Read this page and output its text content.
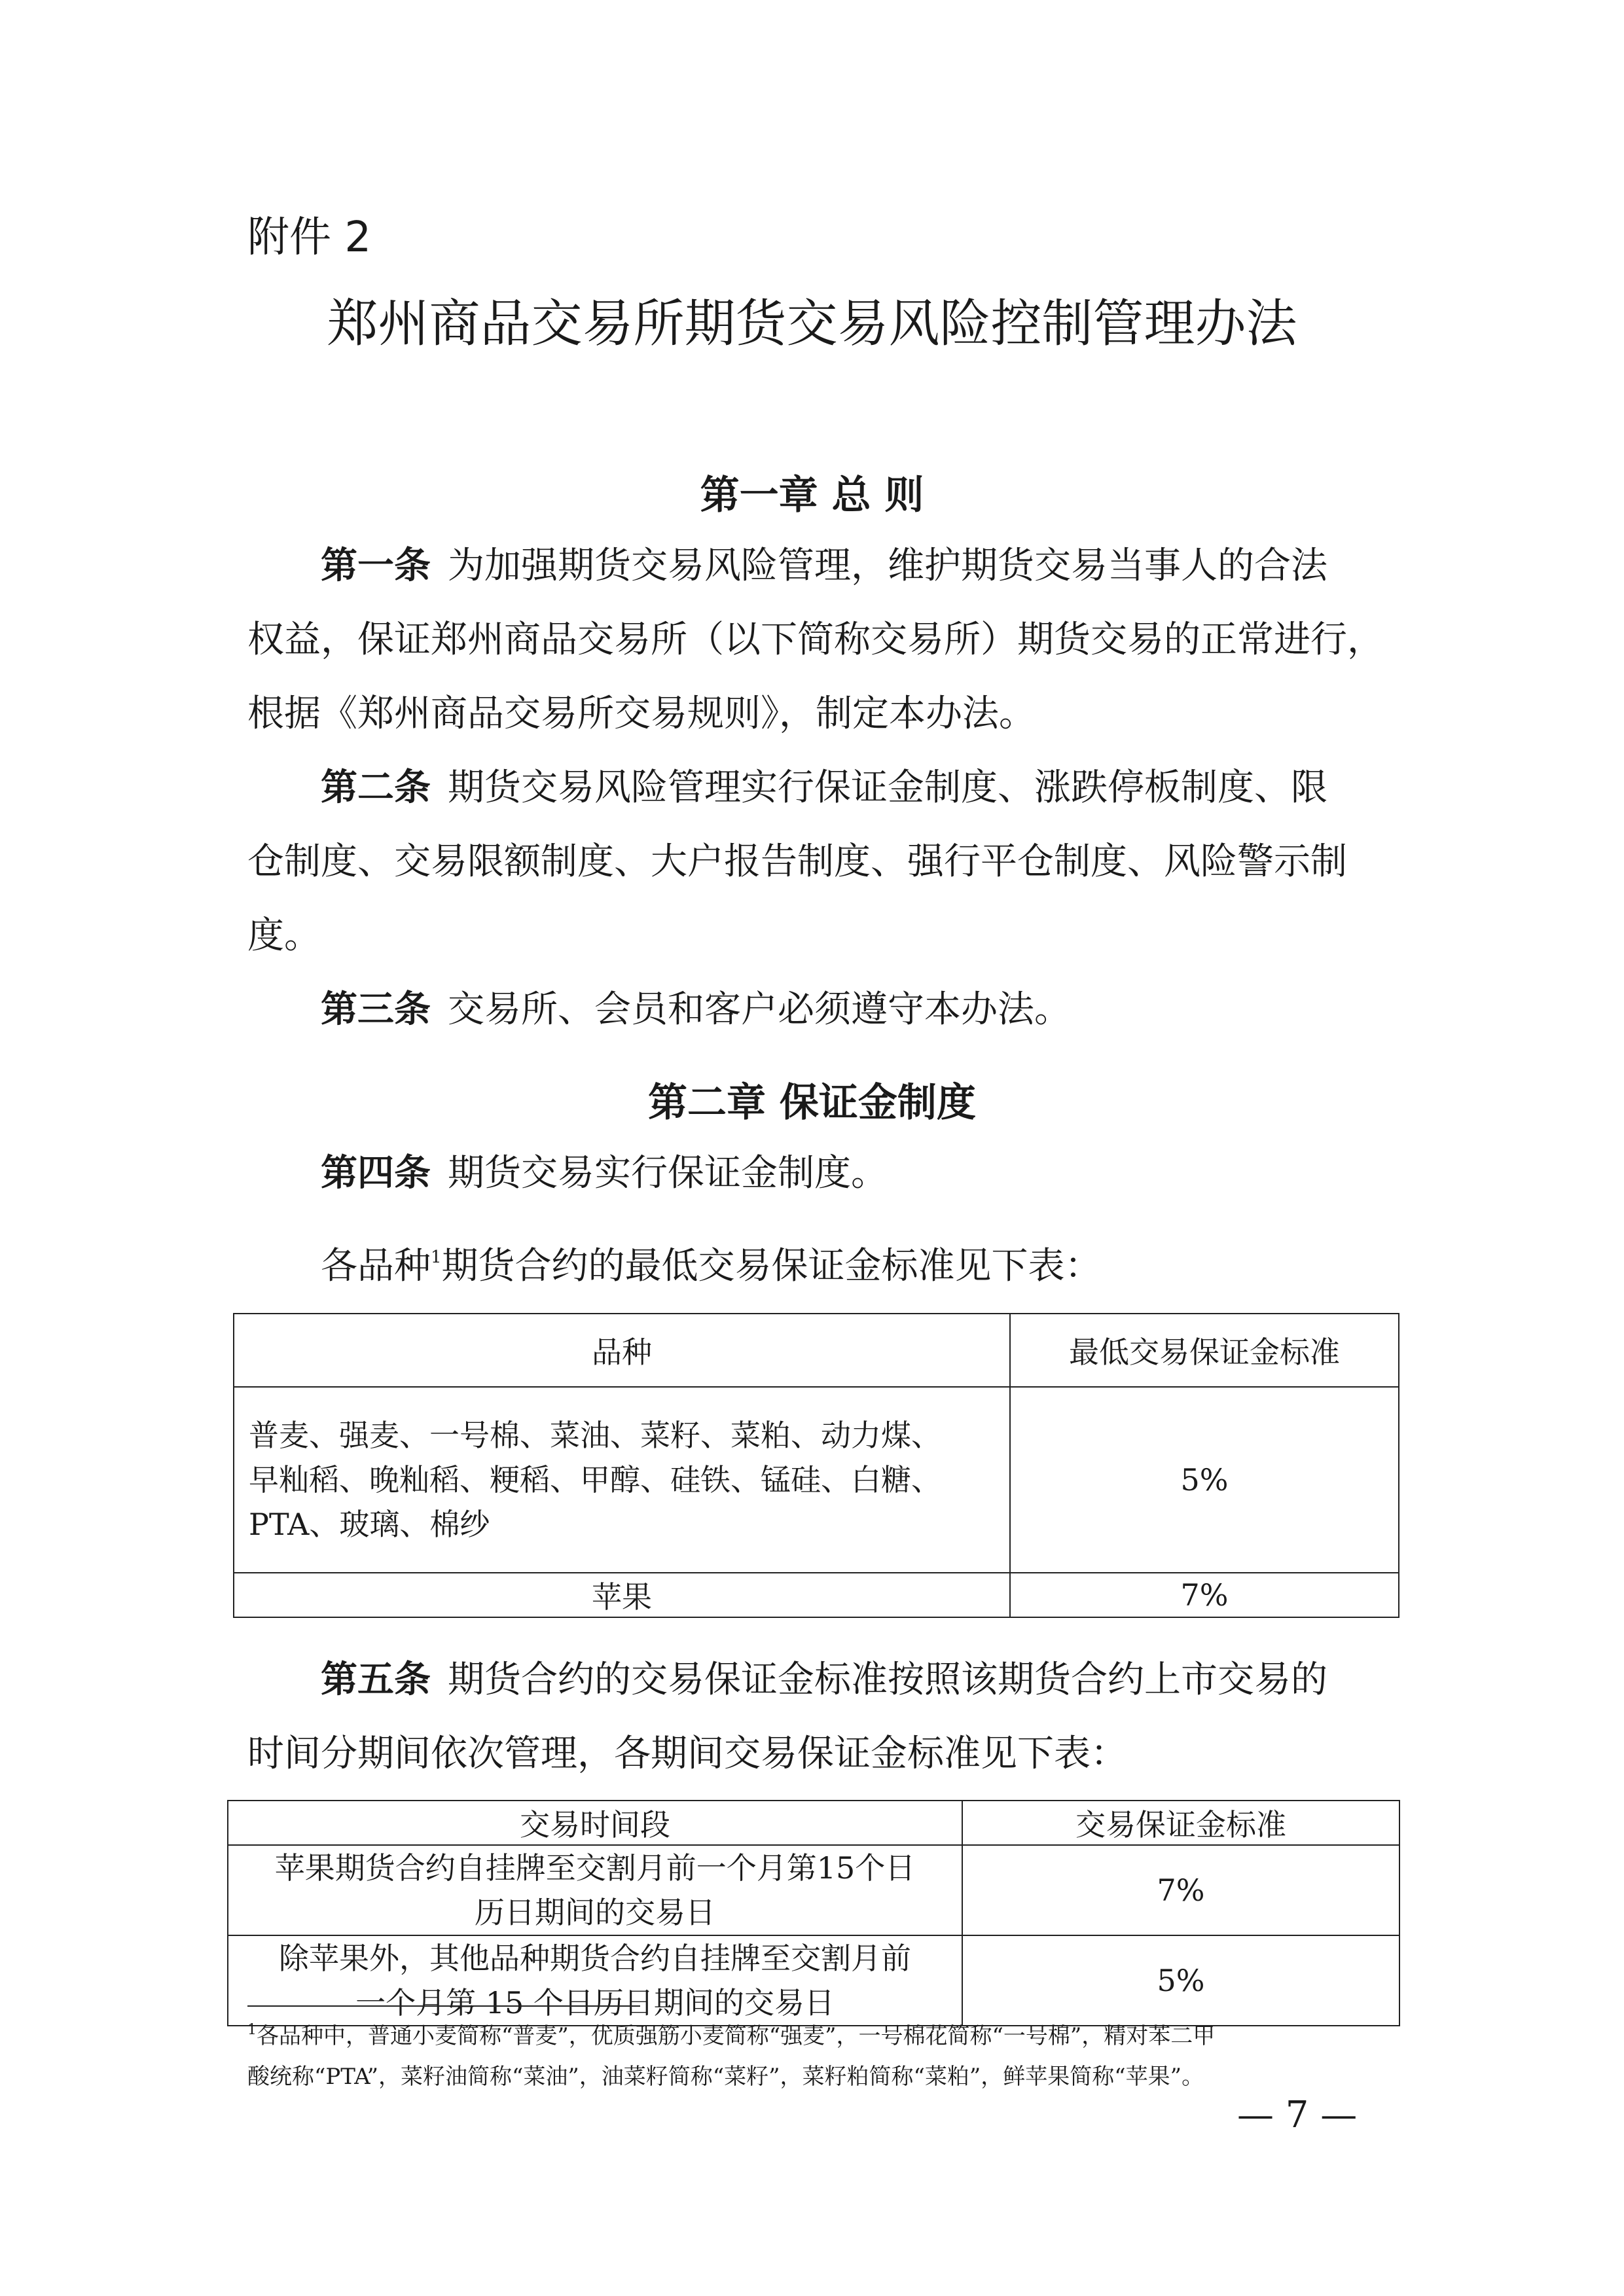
附件 2
郑州商品交易所期货交易风险控制管理办法
第一章 总 则
第一条 为加强期货交易风险管理，维护期货交易当事人的合法
权益，保证郑州商品交易所（以下简称交易所）期货交易的正常进行，
根据《郑州商品交易所交易规则》，制定本办法。
第二条 期货交易风险管理实行保证金制度、涨跌停板制度、限
仓制度、交易限额制度、大户报告制度、强行平仓制度、风险警示制
度。
第三条 交易所、会员和客户必须遵守本办法。
第二章 保证金制度
第四条 期货交易实行保证金制度。
各品种$^1$期货合约的最低交易保证金标准见下表：
品种	最低交易保证金标准

普麦、强麦、一号棉、菜油、菜籽、菜粕、动力煤、
早籼稻、晚籼稻、粳稻、甲醇、硅铁、锰硅、白糖、
PTA、玻璃、棉纱	5%
苹果	7%
第五条 期货合约的交易保证金标准按照该期货合约上市交易的
时间分期间依次管理，各期间交易保证金标准见下表：
交易时间段	交易保证金标准

苹果期货合约自挂牌至交割月前一个月第15个日
历日期间的交易日	7%

除苹果外，其他品种期货合约自挂牌至交割月前
一个月第 15 个日历日期间的交易日	5%
$^1$各品种中，普通小麦简称“普麦”，优质强筋小麦简称“强麦”，一号棉花简称“一号棉”，精对苯二甲
酸统称“PTA”，菜籽油简称“菜油”，油菜籽简称“菜籽”，菜籽粕简称“菜粕”，鲜苹果简称“苹果”。
— 7 —
